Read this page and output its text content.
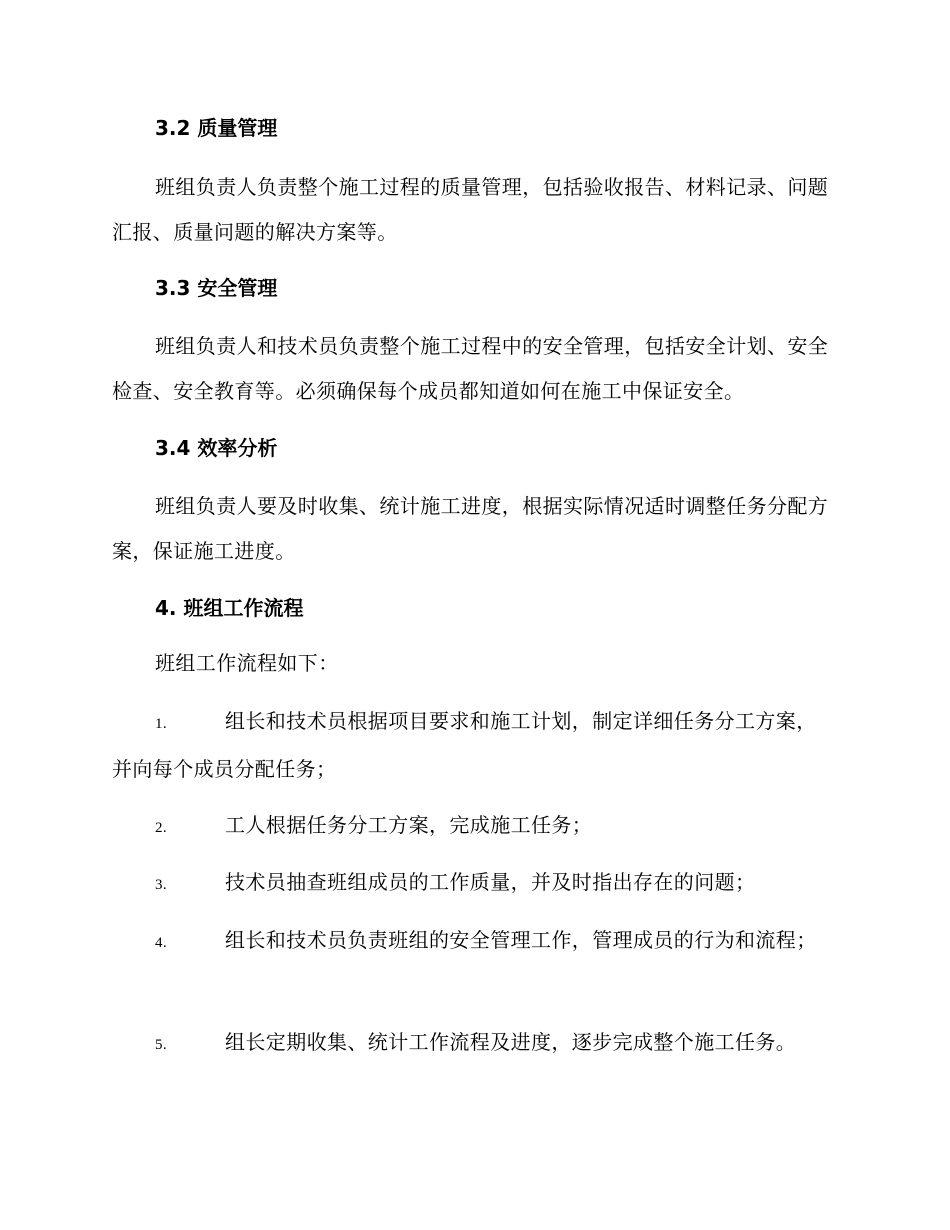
3.2 质量管理
班组负责人负责整个施工过程的质量管理，包括验收报告、材料记录、问题汇报、质量问题的解决方案等。
3.3 安全管理
班组负责人和技术员负责整个施工过程中的安全管理，包括安全计划、安全检查、安全教育等。必须确保每个成员都知道如何在施工中保证安全。
3.4 效率分析
班组负责人要及时收集、统计施工进度，根据实际情况适时调整任务分配方案，保证施工进度。
4. 班组工作流程
班组工作流程如下：
1.	组长和技术员根据项目要求和施工计划，制定详细任务分工方案，并向每个成员分配任务；
2.	工人根据任务分工方案，完成施工任务；
3.	技术员抽查班组成员的工作质量，并及时指出存在的问题；
4.	组长和技术员负责班组的安全管理工作，管理成员的行为和流程；
5.	组长定期收集、统计工作流程及进度，逐步完成整个施工任务。
